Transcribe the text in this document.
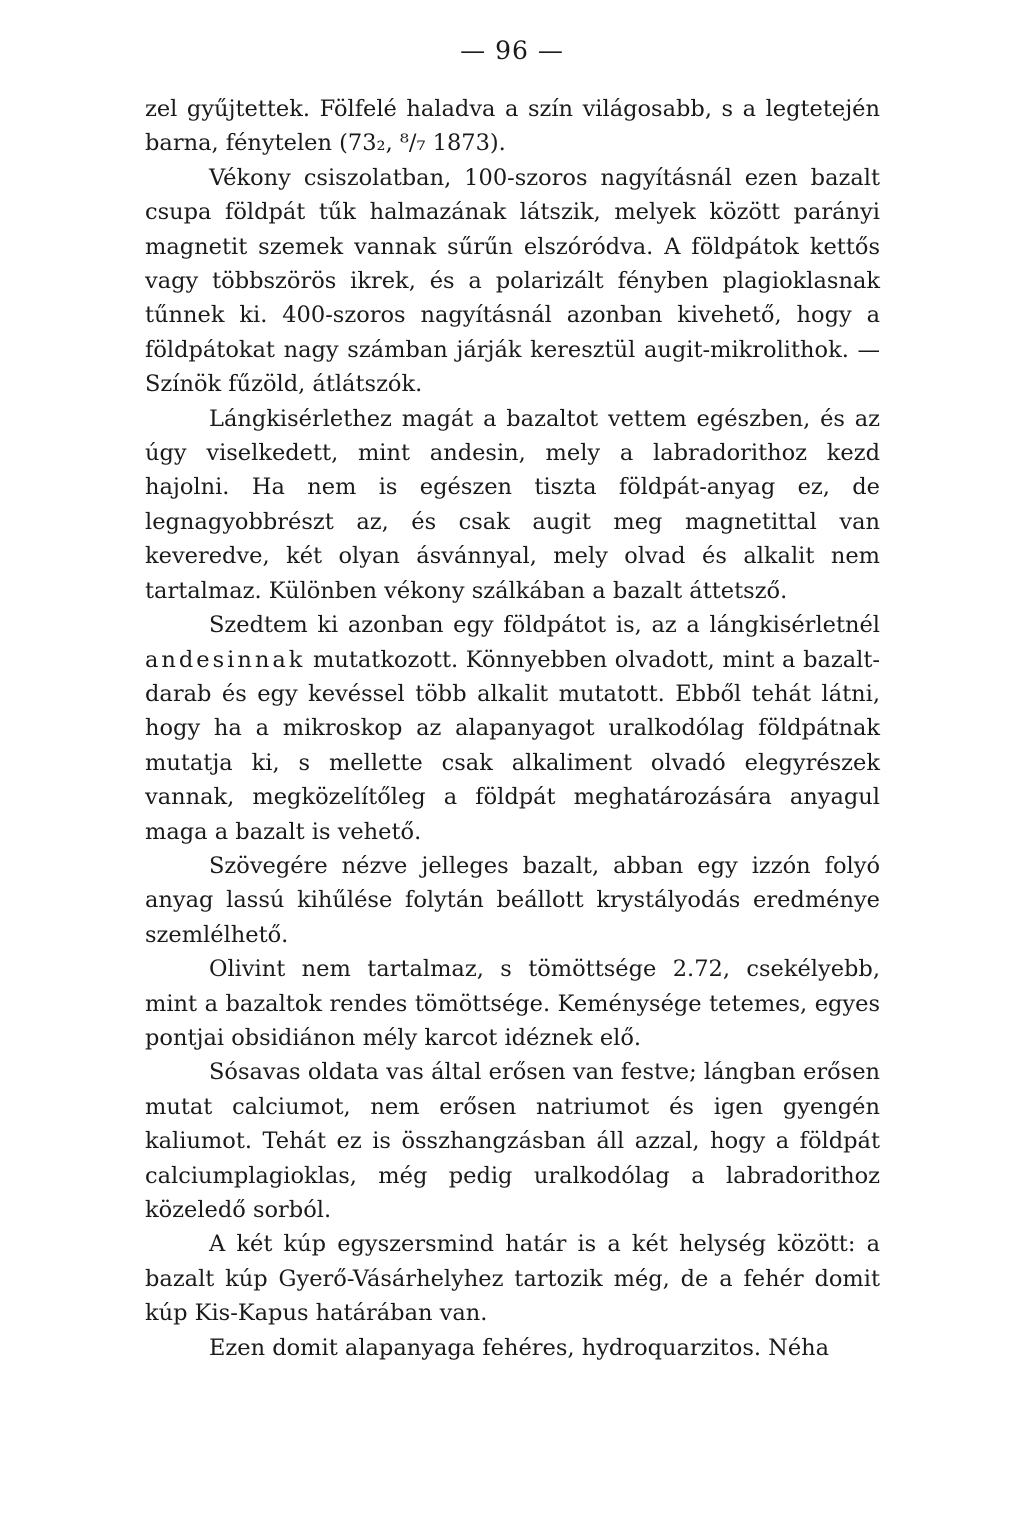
— 96 —

zel gyűjtettek. Fölfelé haladva a szín világosabb, s a legtetején barna, fénytelen (73₂, ⁸/₇ 1873).

Vékony csiszolatban, 100-szoros nagyításnál ezen bazalt csupa földpát tűk halmazának látszik, melyek között parányi magnetit szemek vannak sűrűn elszóródva. A földpátok kettős vagy többszörös ikrek, és a polarizált fényben plagioklasnak tűnnek ki. 400-szoros nagyításnál azonban kivehető, hogy a földpátokat nagy számban járják keresztül augit-mikrolithok. — Színök fűzöld, átlátszók.

Lángkisérlethez magát a bazaltot vettem egészben, és az úgy viselkedett, mint andesin, mely a labradorithoz kezd hajolni. Ha nem is egészen tiszta földpát-anyag ez, de legnagyobbrészt az, és csak augit meg magnetittal van keveredve, két olyan ásvánnyal, mely olvad és alkalit nem tartalmaz. Különben vékony szálkában a bazalt áttetsző.

Szedtem ki azonban egy földpátot is, az a lángkisérletnél andesinnak mutatkozott. Könnyebben olvadott, mint a bazalt-darab és egy kevéssel több alkalit mutatott. Ebből tehát látni, hogy ha a mikroskop az alapanyagot uralkodólag földpátnak mutatja ki, s mellette csak alkaliment olvadó elegyrészek vannak, megközelítőleg a földpát meghatározására anyagul maga a bazalt is vehető.

Szövegére nézve jelleges bazalt, abban egy izzón folyó anyag lassú kihűlése folytán beállott krystályodás eredménye szemlélhető.

Olivint nem tartalmaz, s tömöttsége 2.72, csekélyebb, mint a bazaltok rendes tömöttsége. Keménysége tetemes, egyes pontjai obsidiánon mély karcot idéznek elő.

Sósavas oldata vas által erősen van festve; lángban erősen mutat calciumot, nem erősen natriumot és igen gyengén kaliumot. Tehát ez is összhangzásban áll azzal, hogy a földpát calciumplagioklas, még pedig uralkodólag a labradorithoz közeledő sorból.

A két kúp egyszersmind határ is a két helység között: a bazalt kúp Gyerő-Vásárhelyhez tartozik még, de a fehér domit kúp Kis-Kapus határában van.

Ezen domit alapanyaga fehéres, hydroquarzitos. Néha
